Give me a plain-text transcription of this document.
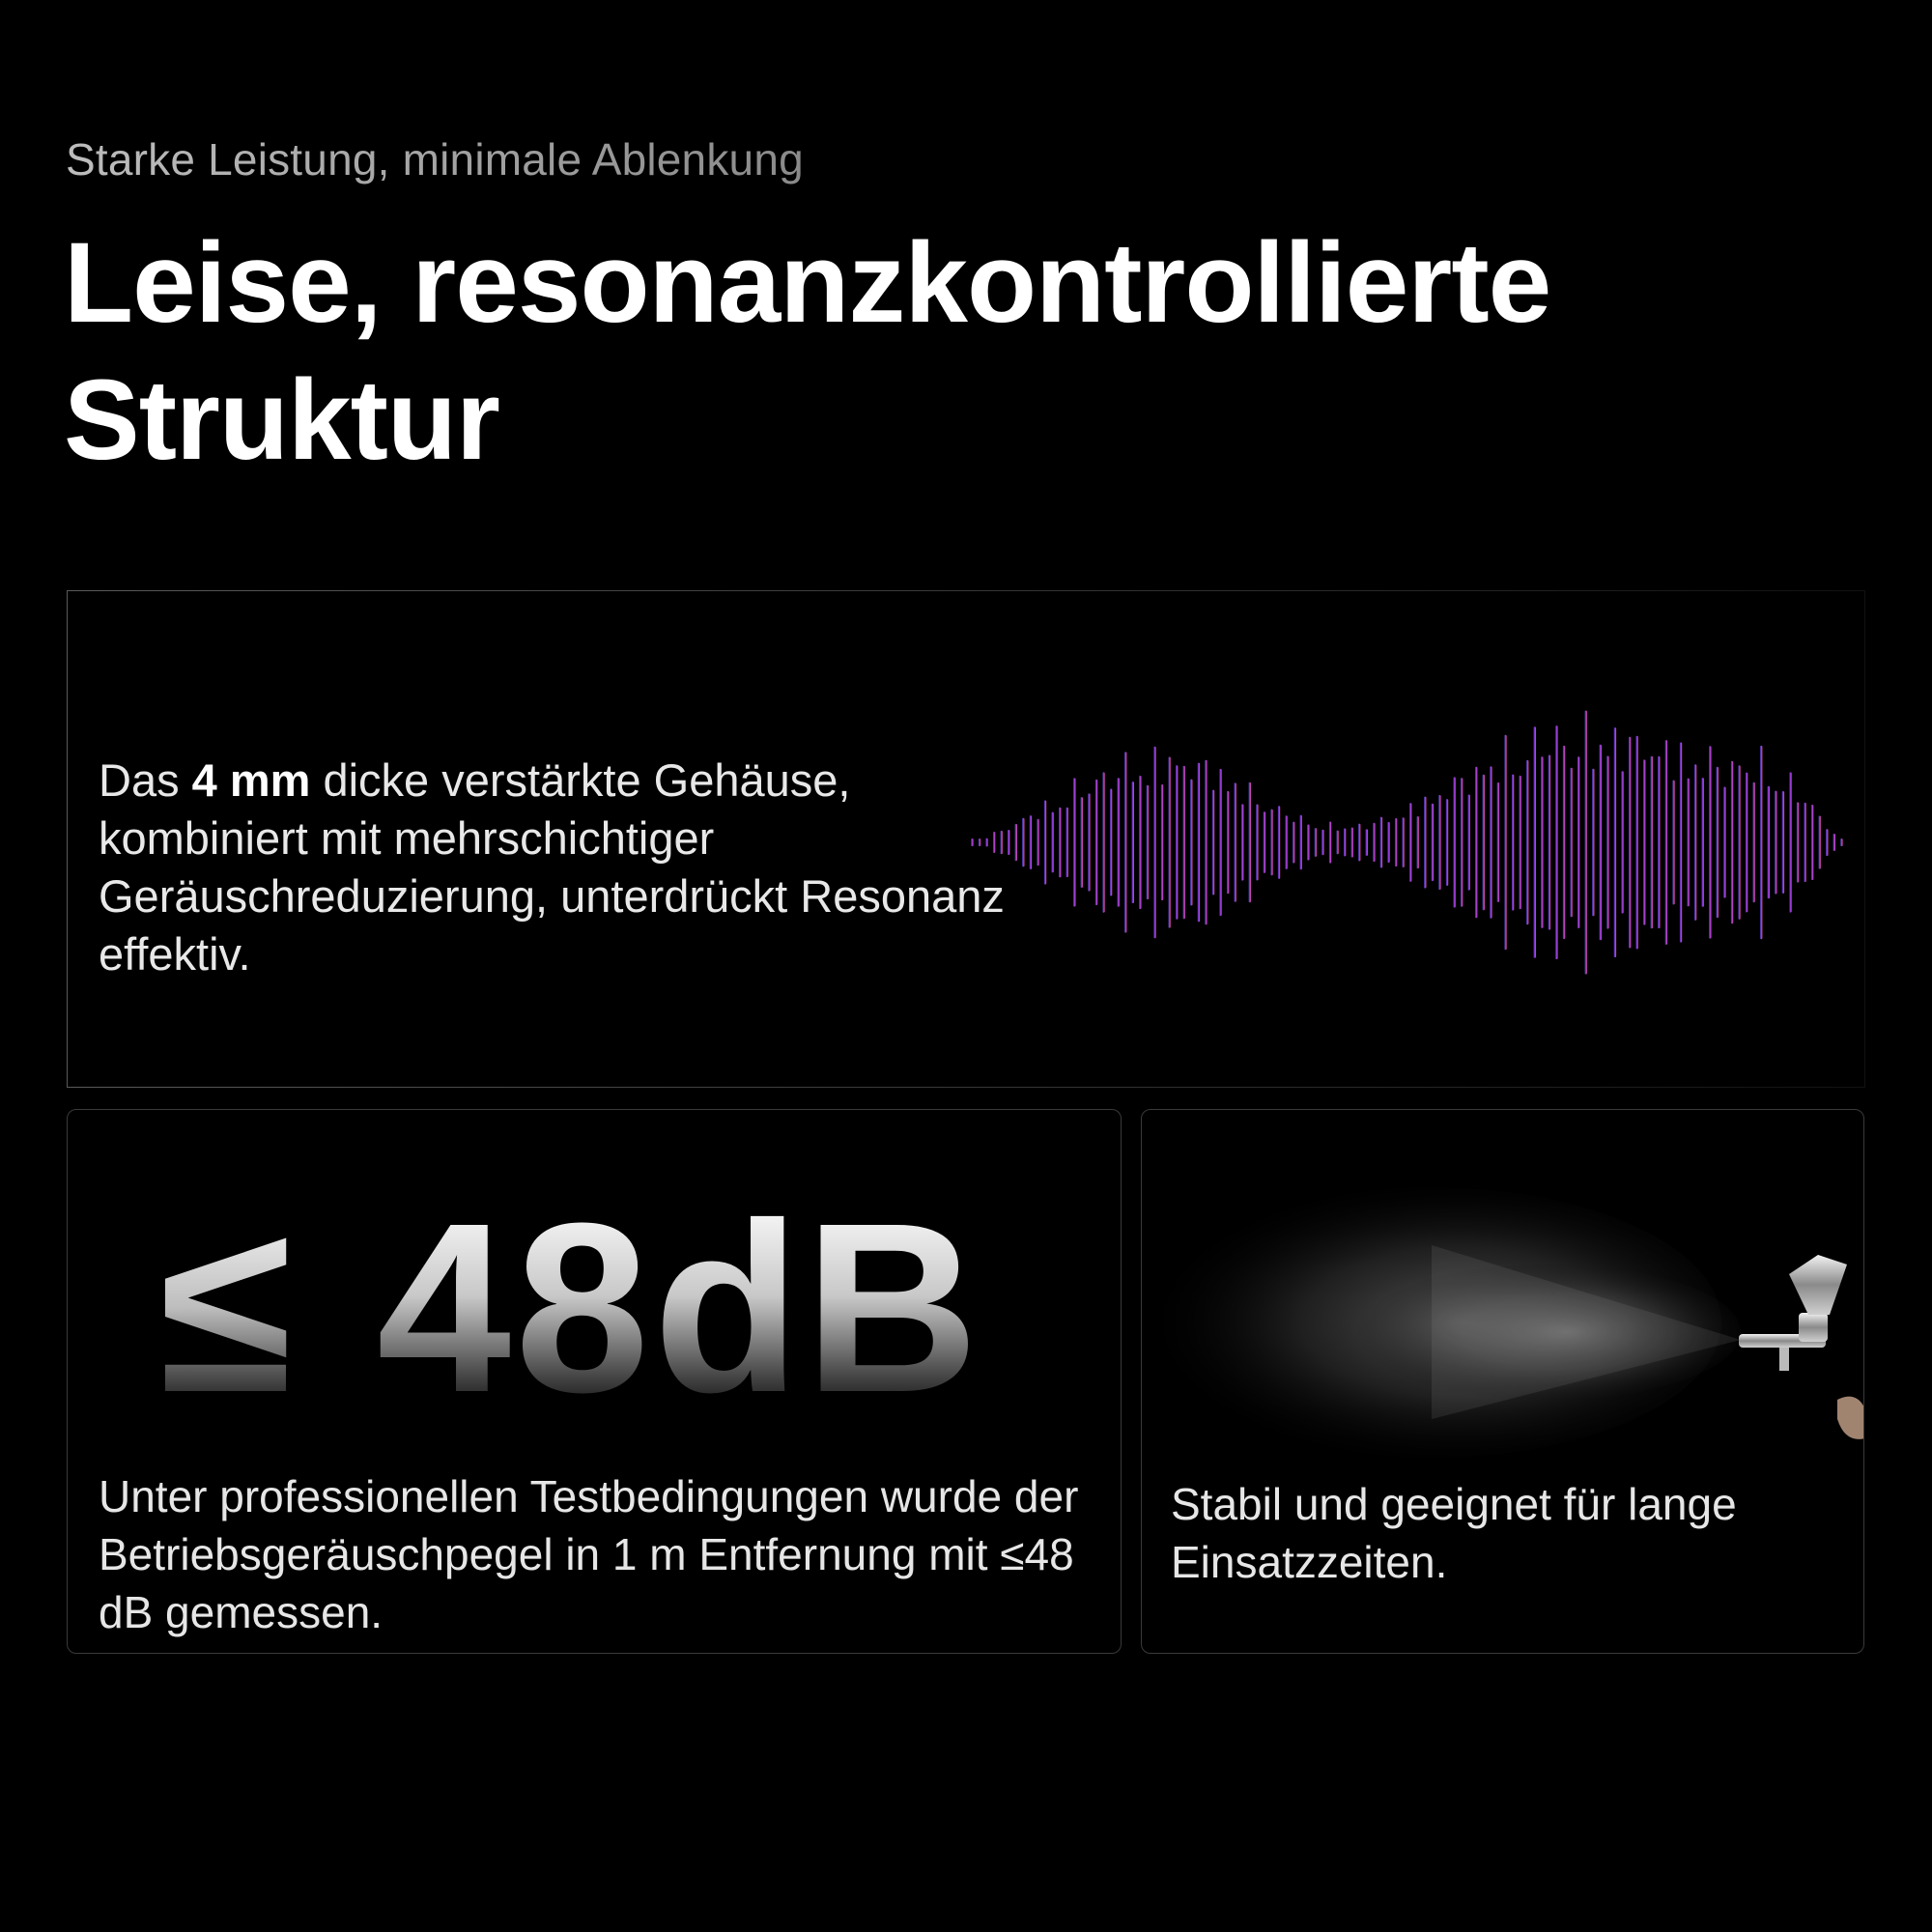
Starke Leistung, minimale Ablenkung
Leise, resonanzkontrollierte
Struktur
Das 4 mm dicke verstärkte Gehäuse, kombiniert mit mehrschichtiger Geräuschreduzierung, unterdrückt Resonanz effektiv.
≤ 48dB
Unter professionellen Testbedingungen wurde der Betriebsgeräuschpegel in 1 m Entfernung mit ≤48 dB gemessen.
Stabil und geeignet für lange Einsatzzeiten.
